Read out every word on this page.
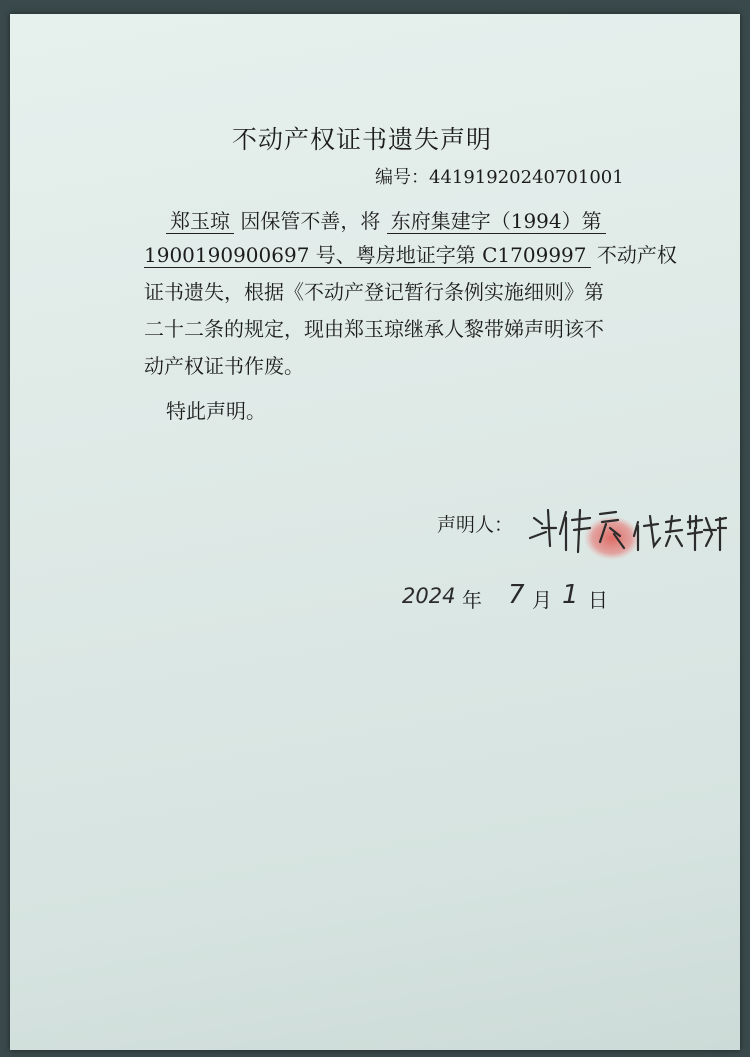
不动产权证书遗失声明
编号：44191920240701001
郑玉琼 因保管不善，将 东府集建字（1994）第
1900190900697 号、粤房地证字第 C1709997 不动产权
证书遗失，根据《不动产登记暂行条例实施细则》第
二十二条的规定，现由郑玉琼继承人黎带娣声明该不
动产权证书作废。
特此声明。
声明人：
2024 年 7 月 1 日
